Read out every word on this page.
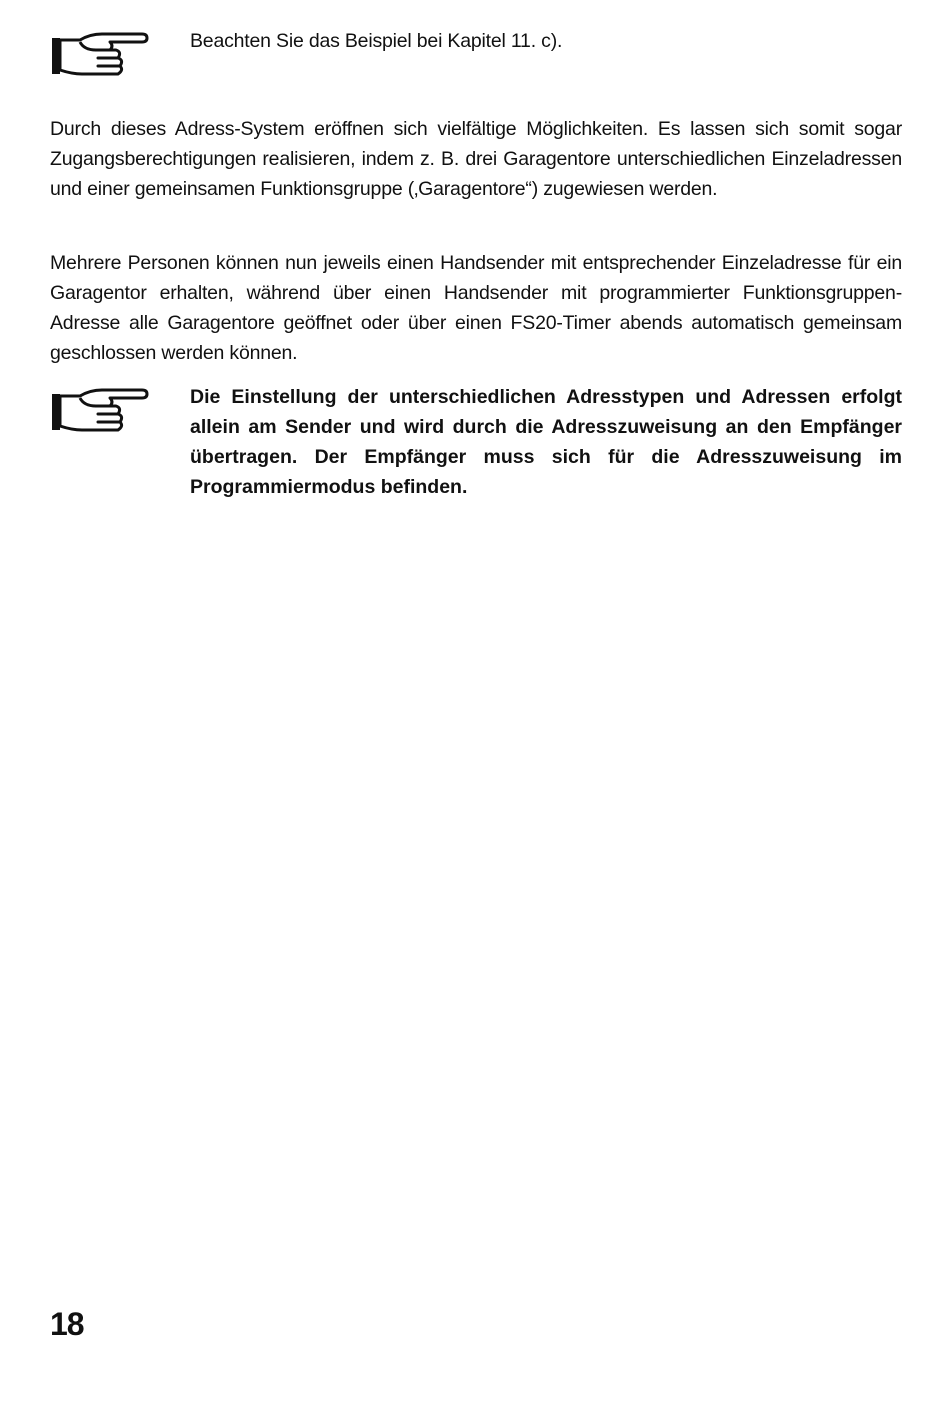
Beachten Sie das Beispiel bei Kapitel 11. c).

Durch dieses Adress-System eröffnen sich vielfältige Möglichkeiten. Es lassen sich somit sogar Zugangsberechtigungen realisieren, indem z. B. drei Garagentore unterschiedlichen Einzeladressen und einer gemeinsamen Funktionsgruppe (‚Garagentore“) zugewiesen werden.

Mehrere Personen können nun jeweils einen Handsender mit entsprechender Einzeladresse für ein Garagentor erhalten, während über einen Handsender mit programmierter Funktionsgruppen-Adresse alle Garagentore geöffnet oder über einen FS20-Timer abends automatisch gemeinsam geschlossen werden können.

Die Einstellung der unterschiedlichen Adresstypen und Adressen erfolgt allein am Sender und wird durch die Adresszuweisung an den Empfänger übertragen. Der Empfänger muss sich für die Adresszuweisung im Programmiermodus befinden.
18
